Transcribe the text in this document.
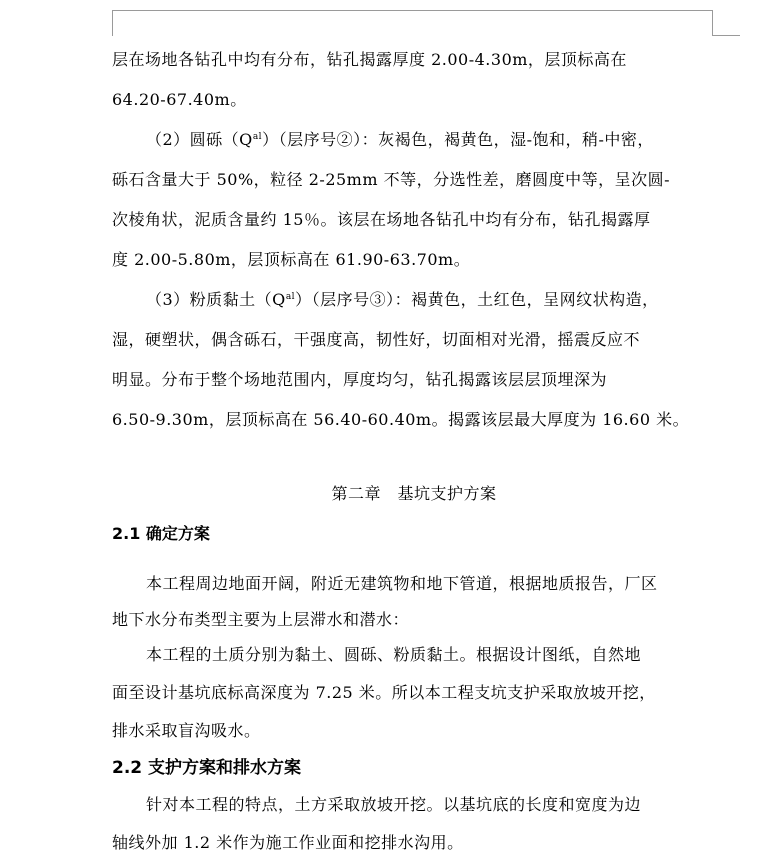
层在场地各钻孔中均有分布，钻孔揭露厚度 2.00-4.30m，层顶标高在
64.20-67.40m。
（2）圆砾$(Q^{al})$（层序号②）：灰褐色，褐黄色，湿-饱和，稍-中密，
砾石含量大于 50%，粒径 2-25mm 不等，分选性差，磨圆度中等，呈次圆-
次棱角状，泥质含量约 15％。该层在场地各钻孔中均有分布，钻孔揭露厚
度 2.00-5.80m，层顶标高在 61.90-63.70m。
（3）粉质黏土$(Q^{al})$（层序号③）：褐黄色，土红色，呈网纹状构造，
湿，硬塑状，偶含砾石，干强度高，韧性好，切面相对光滑，摇震反应不
明显。分布于整个场地范围内，厚度均匀，钻孔揭露该层层顶埋深为
6.50-9.30m，层顶标高在 56.40-60.40m。揭露该层最大厚度为 16.60 米。
第二章　基坑支护方案
2.1 确定方案
本工程周边地面开阔，附近无建筑物和地下管道，根据地质报告，厂区
地下水分布类型主要为上层滞水和潜水：
本工程的土质分别为黏土、圆砾、粉质黏土。根据设计图纸，自然地
面至设计基坑底标高深度为 7.25 米。所以本工程支坑支护采取放坡开挖，
排水采取盲沟吸水。
2.2 支护方案和排水方案
针对本工程的特点，土方采取放坡开挖。以基坑底的长度和宽度为边
轴线外加 1.2 米作为施工作业面和挖排水沟用。
